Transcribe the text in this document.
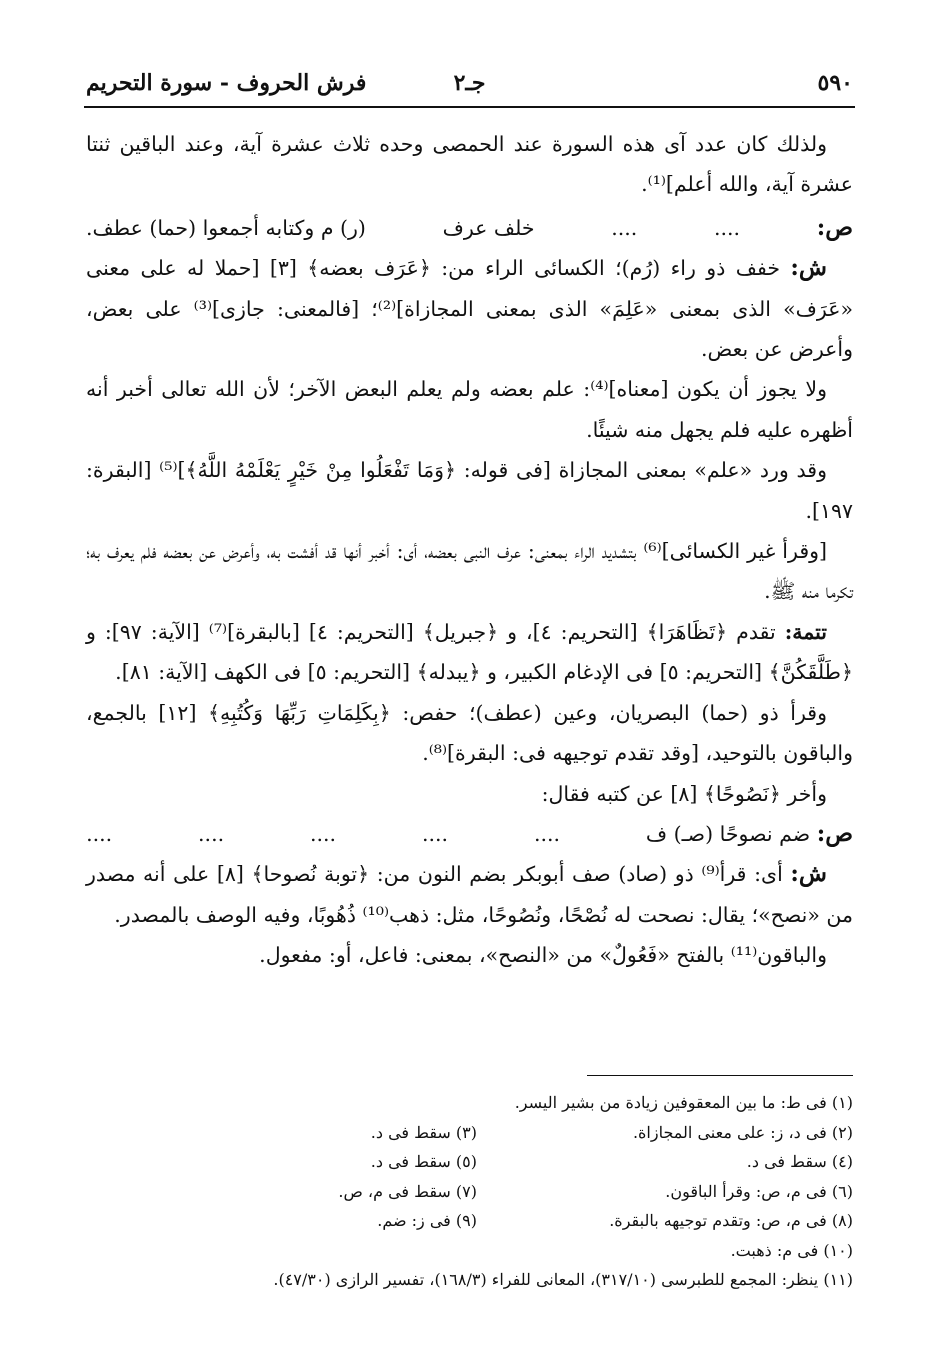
٥٩٠
جـ٢
فرش الحروف - سورة التحريم

ولذلك كان عدد آى هذه السورة عند الحمصى وحده ثلاث عشرة آية، وعند الباقين ثنتا عشرة آية، والله أعلم]⁽¹⁾.

ص:
....
....
خلف عرف
(ر) م وكتابه أجمعوا (حما) عطف.

ش: خفف ذو راء (رُم)؛ الكسائى الراء من: ﴿عَرَف بعضه﴾ [٣] [حملا له على معنى «عَرَف» الذى بمعنى «عَلِمَ» الذى بمعنى المجازاة]⁽²⁾؛ [فالمعنى: جازى]⁽³⁾ على بعض، وأعرض عن بعض.

ولا يجوز أن يكون [معناه]⁽⁴⁾: علم بعضه ولم يعلم البعض الآخر؛ لأن الله تعالى أخبر أنه أظهره عليه فلم يجهل منه شيئًا.

وقد ورد «علم» بمعنى المجازاة [فى قوله: ﴿وَمَا تَفْعَلُوا مِنْ خَيْرٍ يَعْلَمْهُ اللَّهُ﴾]⁽⁵⁾ [البقرة: ١٩٧].

[وقرأ غير الكسائى]⁽⁶⁾ بتشديد الراء بمعنى: عرف النبى بعضه، أى: أخبر أنها قد أفشت به، وأعرض عن بعضه فلم يعرف به؛ تكرما منه ﷺ.

تتمة: تقدم ﴿تَظَاهَرَا﴾ [التحريم: ٤]، و ﴿جبريل﴾ [التحريم: ٤] [بالبقرة]⁽⁷⁾ [الآية: ٩٧]: و ﴿طَلَّقَكُنَّ﴾ [التحريم: ٥] فى الإدغام الكبير، و ﴿يبدله﴾ [التحريم: ٥] فى الكهف [الآية: ٨١].

وقرأ ذو (حما) البصريان، وعين (عطف)؛ حفص: ﴿بِكَلِمَاتِ رَبِّهَا وَكُتُبِهِ﴾ [١٢] بالجمع، والباقون بالتوحيد، [وقد تقدم توجيهه فى: البقرة]⁽⁸⁾.

وأخر ﴿نَصُوحًا﴾ [٨] عن كتبه فقال:

ص: ضم نصوحًا (صـ) ف
....
....
....
....
....

ش: أى: قرأ⁽⁹⁾ ذو (صاد) صف أبوبكر بضم النون من: ﴿توبة نُصوحا﴾ [٨] على أنه مصدر من «نصح»؛ يقال: نصحت له نُصْحًا، ونُصُوحًا، مثل: ذهب⁽¹⁰⁾ ذُهُوبًا، وفيه الوصف بالمصدر.

والباقون⁽¹¹⁾ بالفتح «فَعُولٌ» من «النصح»، بمعنى: فاعل، أو: مفعول.

(١) فى ط: ما بين المعقوفين زيادة من بشير اليسر.
(٢) فى د، ز: على معنى المجازاة.
(٣) سقط فى د.
(٤) سقط فى د.
(٥) سقط فى د.
(٦) فى م، ص: وقرأ الباقون.
(٧) سقط فى م، ص.
(٨) فى م، ص: وتقدم توجيهه بالبقرة.
(٩) فى ز: ضم.
(١٠) فى م: ذهبت.
(١١) ينظر: المجمع للطبرسى (٣١٧/١٠)، المعانى للفراء (١٦٨/٣)، تفسير الرازى (٤٧/٣٠).
